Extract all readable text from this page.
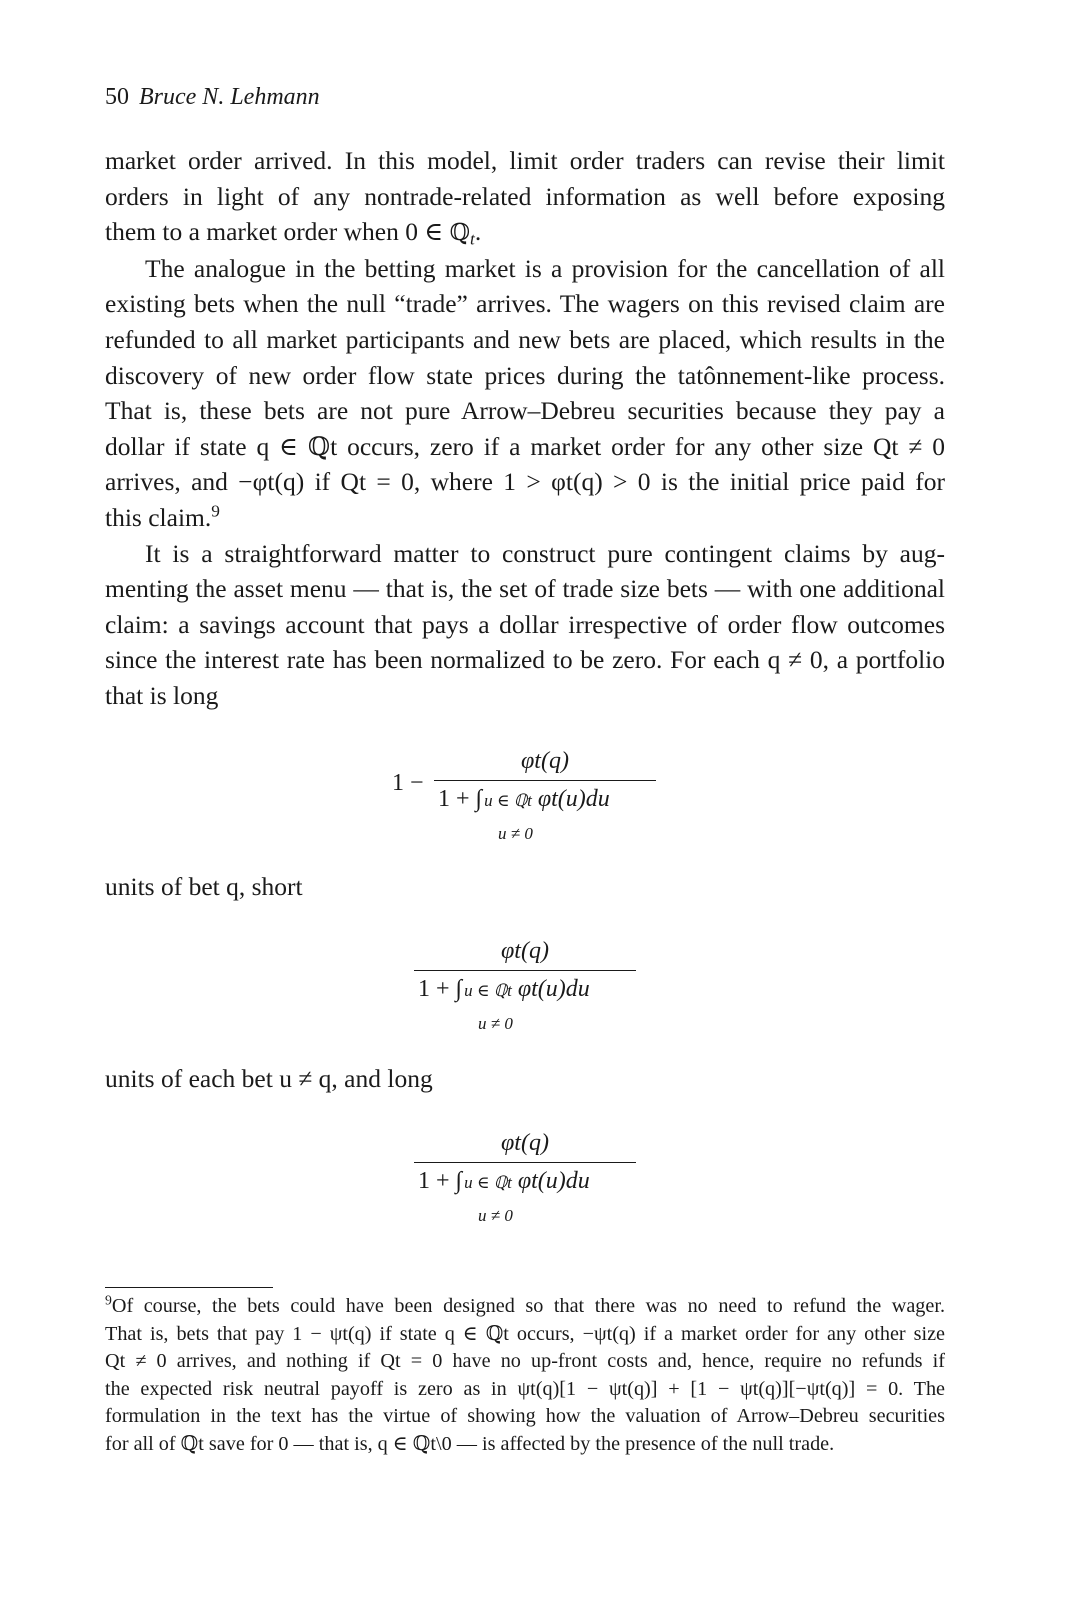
50 Bruce N. Lehmann
market order arrived. In this model, limit order traders can revise their limit
orders in light of any nontrade-related information as well before exposing
them to a market order when 0 ∈ ℚ$_t$.
The analogue in the betting market is a provision for the cancellation of all
existing bets when the null “trade” arrives. The wagers on this revised claim are
refunded to all market participants and new bets are placed, which results in the
discovery of new order flow state prices during the tatônnement-like process.
That is, these bets are not pure Arrow–Debreu securities because they pay a
dollar if state q ∈ ℚt occurs, zero if a market order for any other size Qt ≠ 0
arrives, and −φt(q) if Qt = 0, where 1 > φt(q) > 0 is the initial price paid for
this claim.$^9$
It is a straightforward matter to construct pure contingent claims by aug-
menting the asset menu — that is, the set of trade size bets — with one additional
claim: a savings account that pays a dollar irrespective of order flow outcomes
since the interest rate has been normalized to be zero. For each q ≠ 0, a portfolio
that is long
1 −
φt(q)
1 + ∫ u ∈ ℚt φt(u)du
u ≠ 0
units of bet q, short
φt(q)
1 + ∫ u ∈ ℚt φt(u)du
u ≠ 0
units of each bet u ≠ q, and long
φt(q)
1 + ∫ u ∈ ℚt φt(u)du
u ≠ 0
$^9$Of course, the bets could have been designed so that there was no need to refund the wager.
That is, bets that pay 1 − ψt(q) if state q ∈ ℚt occurs, −ψt(q) if a market order for any other size
Qt ≠ 0 arrives, and nothing if Qt = 0 have no up-front costs and, hence, require no refunds if
the expected risk neutral payoff is zero as in ψt(q)[1 − ψt(q)] + [1 − ψt(q)][−ψt(q)] = 0. The
formulation in the text has the virtue of showing how the valuation of Arrow–Debreu securities
for all of ℚt save for 0 — that is, q ∈ ℚt\0 — is affected by the presence of the null trade.
